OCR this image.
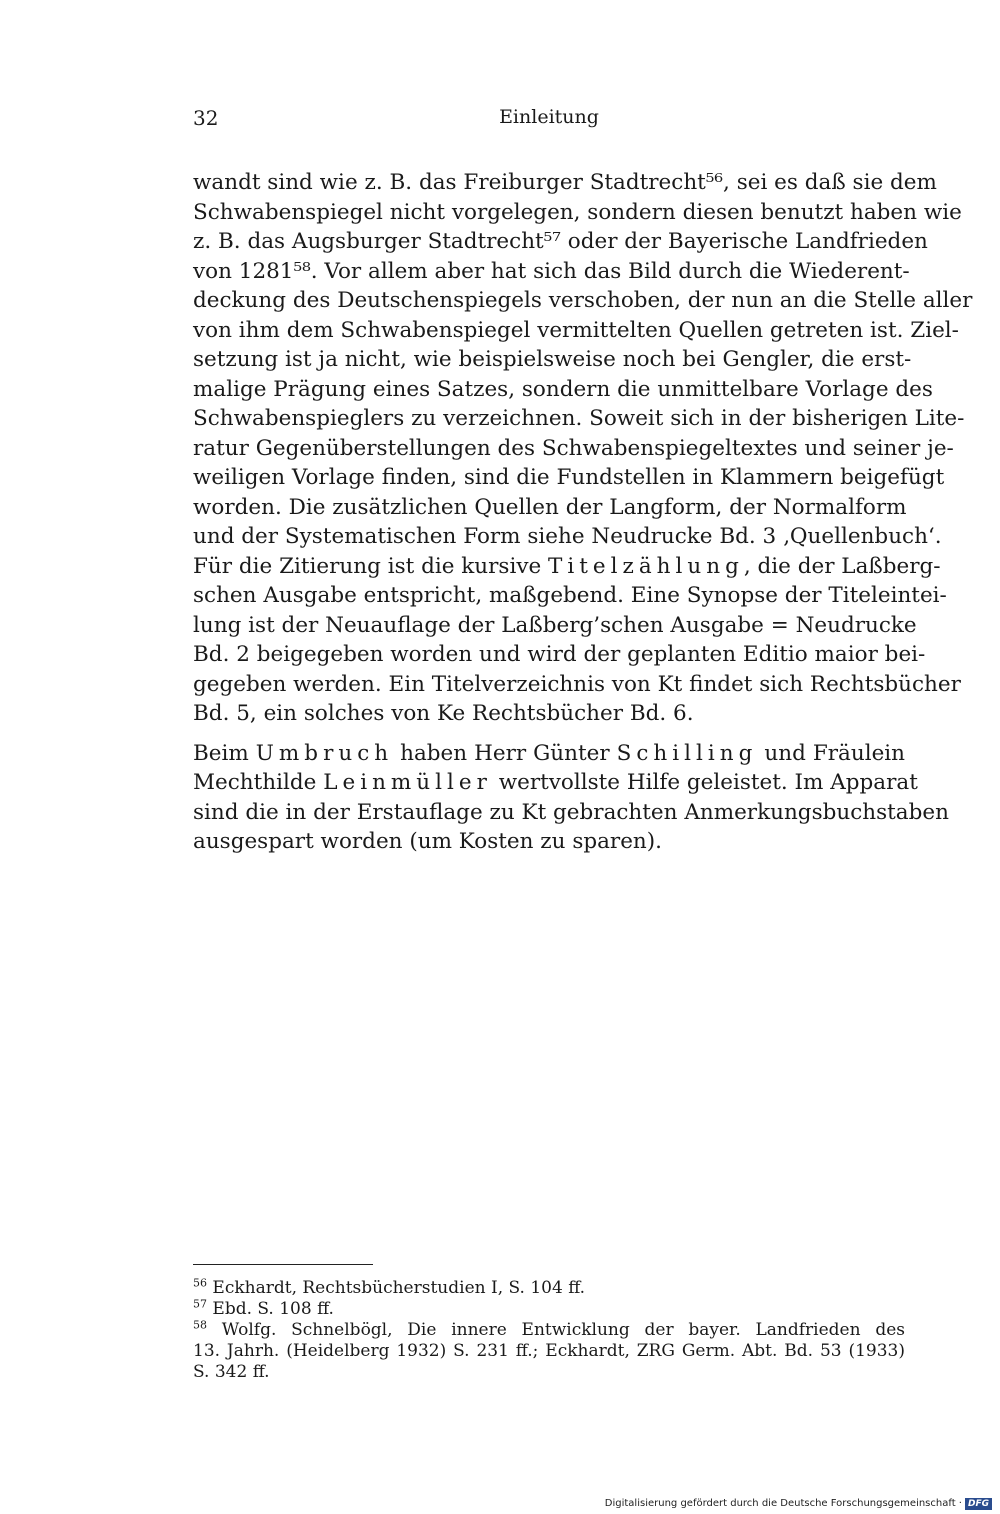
32	Einleitung
wandt sind wie z. B. das Freiburger Stadtrecht⁵⁶, sei es daß sie dem
Schwabenspiegel nicht vorgelegen, sondern diesen benutzt haben wie
z. B. das Augsburger Stadtrecht⁵⁷ oder der Bayerische Landfrieden
von 1281⁵⁸. Vor allem aber hat sich das Bild durch die Wiederent-
deckung des Deutschenspiegels verschoben, der nun an die Stelle aller
von ihm dem Schwabenspiegel vermittelten Quellen getreten ist. Ziel-
setzung ist ja nicht, wie beispielsweise noch bei Gengler, die erst-
malige Prägung eines Satzes, sondern die unmittelbare Vorlage des
Schwabenspieglers zu verzeichnen. Soweit sich in der bisherigen Lite-
ratur Gegenüberstellungen des Schwabenspiegeltextes und seiner je-
weiligen Vorlage finden, sind die Fundstellen in Klammern beigefügt
worden. Die zusätzlichen Quellen der Langform, der Normalform
und der Systematischen Form siehe Neudrucke Bd. 3 ‚Quellenbuch‘.
Für die Zitierung ist die kursive Titelzählung, die der Laßberg-
schen Ausgabe entspricht, maßgebend. Eine Synopse der Titeleintei-
lung ist der Neuauflage der Laßberg’schen Ausgabe = Neudrucke
Bd. 2 beigegeben worden und wird der geplanten Editio maior bei-
gegeben werden. Ein Titelverzeichnis von Kt findet sich Rechtsbücher
Bd. 5, ein solches von Ke Rechtsbücher Bd. 6.
Beim Umbruch haben Herr Günter Schilling und Fräulein
Mechthilde Leinmüller wertvollste Hilfe geleistet. Im Apparat
sind die in der Erstauflage zu Kt gebrachten Anmerkungsbuchstaben
ausgespart worden (um Kosten zu sparen).
$^{56}$ Eckhardt, Rechtsbücherstudien I, S. 104 ff.
$^{57}$ Ebd. S. 108 ff.
$^{58}$ Wolfg. Schnelbögl, Die innere Entwicklung der bayer. Landfrieden des
13. Jahrh. (Heidelberg 1932) S. 231 ff.; Eckhardt, ZRG Germ. Abt. Bd. 53 (1933)
S. 342 ff.
Digitalisierung gefördert durch die Deutsche Forschungsgemeinschaft · DFG
